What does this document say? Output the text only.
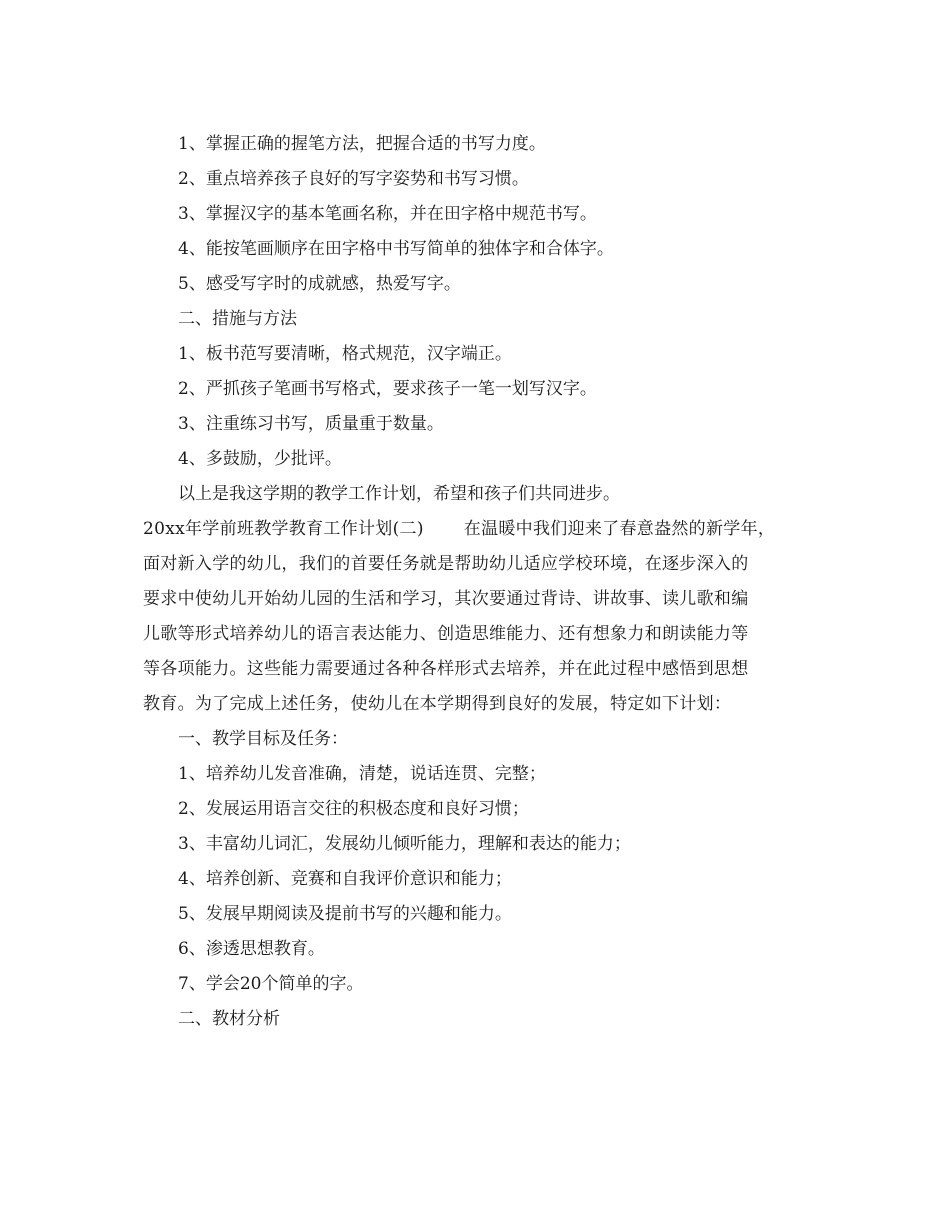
1、掌握正确的握笔方法，把握合适的书写力度。
2、重点培养孩子良好的写字姿势和书写习惯。
3、掌握汉字的基本笔画名称，并在田字格中规范书写。
4、能按笔画顺序在田字格中书写简单的独体字和合体字。
5、感受写字时的成就感，热爱写字。
二、措施与方法
1、板书范写要清晰，格式规范，汉字端正。
2、严抓孩子笔画书写格式，要求孩子一笔一划写汉字。
3、注重练习书写，质量重于数量。
4、多鼓励，少批评。
以上是我这学期的教学工作计划，希望和孩子们共同进步。
20xx年学前班教学教育工作计划(二) 在温暖中我们迎来了春意盎然的新学年，
面对新入学的幼儿，我们的首要任务就是帮助幼儿适应学校环境，在逐步深入的
要求中使幼儿开始幼儿园的生活和学习，其次要通过背诗、讲故事、读儿歌和编
儿歌等形式培养幼儿的语言表达能力、创造思维能力、还有想象力和朗读能力等
等各项能力。这些能力需要通过各种各样形式去培养，并在此过程中感悟到思想
教育。为了完成上述任务，使幼儿在本学期得到良好的发展，特定如下计划：
一、教学目标及任务：
1、培养幼儿发音准确，清楚，说话连贯、完整；
2、发展运用语言交往的积极态度和良好习惯；
3、丰富幼儿词汇，发展幼儿倾听能力，理解和表达的能力；
4、培养创新、竞赛和自我评价意识和能力；
5、发展早期阅读及提前书写的兴趣和能力。
6、渗透思想教育。
7、学会20个简单的字。
二、教材分析
